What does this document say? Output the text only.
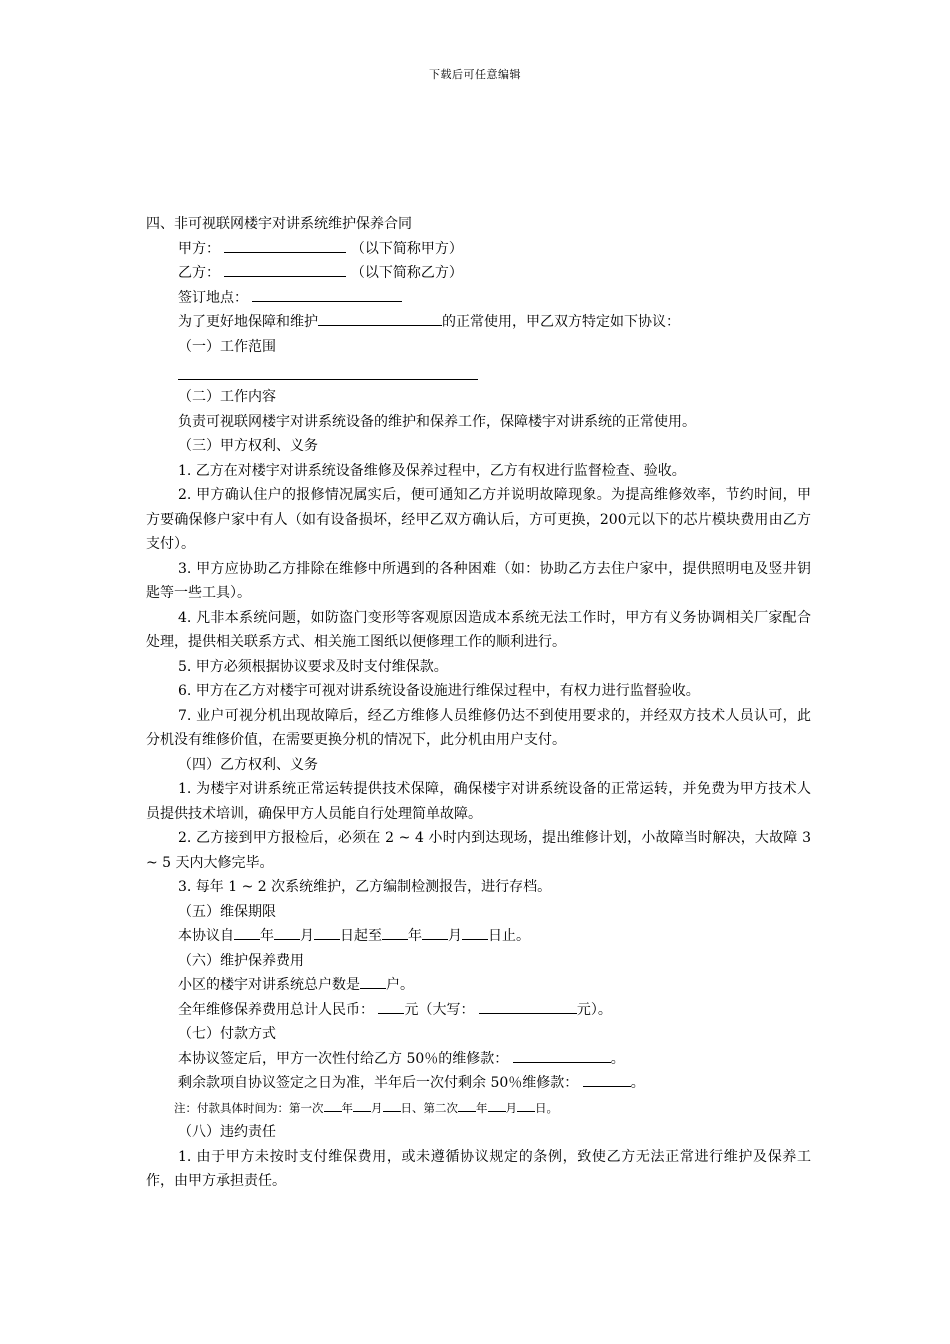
下载后可任意编辑

四、非可视联网楼宇对讲系统维护保养合同

甲方：	（以下简称甲方）

乙方：	（以下简称乙方）

签订地点：

为了更好地保障和维护	的正常使用，甲乙双方特定如下协议：

（一）工作范围

（二）工作内容

负责可视联网楼宇对讲系统设备的维护和保养工作，保障楼宇对讲系统的正常使用。

（三）甲方权利、义务

1. 乙方在对楼宇对讲系统设备维修及保养过程中，乙方有权进行监督检查、验收。

2. 甲方确认住户的报修情况属实后，便可通知乙方并说明故障现象。为提高维修效率，节约时间，甲方要确保修户家中有人（如有设备损坏，经甲乙双方确认后，方可更换，200元以下的芯片模块费用由乙方支付）。

3. 甲方应协助乙方排除在维修中所遇到的各种困难（如：协助乙方去住户家中，提供照明电及竖井钥匙等一些工具）。

4. 凡非本系统问题，如防盗门变形等客观原因造成本系统无法工作时，甲方有义务协调相关厂家配合处理，提供相关联系方式、相关施工图纸以便修理工作的顺利进行。

5. 甲方必须根据协议要求及时支付维保款。

6. 甲方在乙方对楼宇可视对讲系统设备设施进行维保过程中，有权力进行监督验收。

7. 业户可视分机出现故障后，经乙方维修人员维修仍达不到使用要求的，并经双方技术人员认可，此分机没有维修价值，在需要更换分机的情况下，此分机由用户支付。

（四）乙方权利、义务

1. 为楼宇对讲系统正常运转提供技术保障，确保楼宇对讲系统设备的正常运转，并免费为甲方技术人员提供技术培训，确保甲方人员能自行处理简单故障。

2. 乙方接到甲方报检后，必须在 2 ~ 4 小时内到达现场，提出维修计划，小故障当时解决，大故障 3 ~ 5 天内大修完毕。

3. 每年 1 ~ 2 次系统维护，乙方编制检测报告，进行存档。

（五）维保期限

本协议自 年 月 日起至 年 月 日止。

（六）维护保养费用

小区的楼宇对讲系统总户数是 户。

全年维修保养费用总计人民币： 元（大写：	元）。

（七）付款方式

本协议签定后，甲方一次性付给乙方 50％的维修款：	。

剩余款项自协议签定之日为准，半年后一次付剩余 50％维修款：	。

注：付款具体时间为：第一次 年 月 日、第二次 年 月 日。

（八）违约责任

1. 由于甲方未按时支付维保费用，或未遵循协议规定的条例，致使乙方无法正常进行维护及保养工作，由甲方承担责任。
